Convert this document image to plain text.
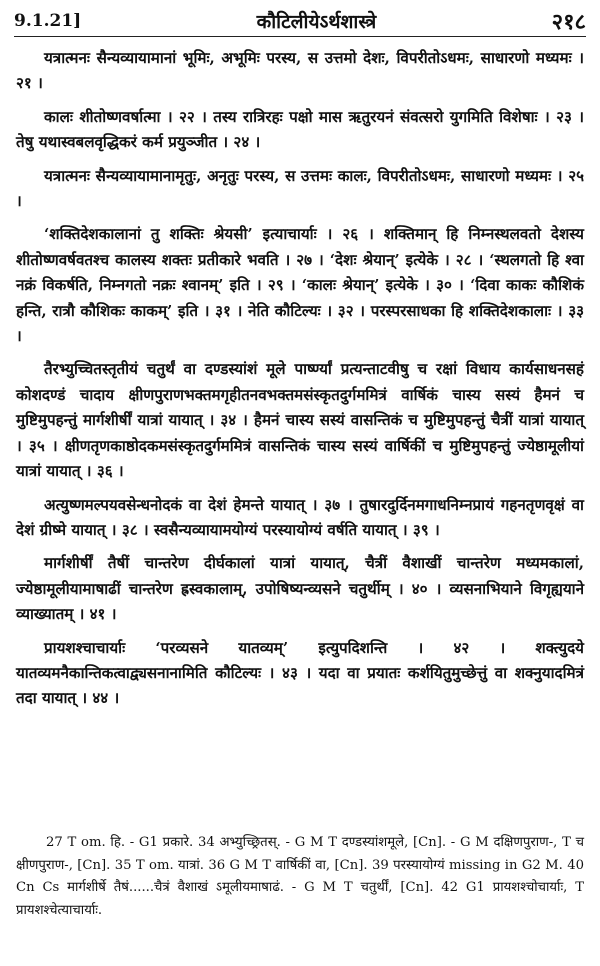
9.1.21]	कौटिलीयेऽर्थशास्त्रे	२१८

यत्रात्मनः सैन्यव्यायामानां भूमिः, अभूमिः परस्य, स उत्तमो देशः, विपरीतोऽधमः, साधारणो मध्यमः । २१ ।

कालः शीतोष्णवर्षात्मा । २२ । तस्य रात्रिरहः पक्षो मास ऋतुरयनं संवत्सरो युगमिति विशेषाः । २३ । तेषु यथास्वबलवृद्धिकरं कर्म प्रयुञ्जीत । २४ ।

यत्रात्मनः सैन्यव्यायामानामृतुः, अनृतुः परस्य, स उत्तमः कालः, विपरीतोऽधमः, साधारणो मध्यमः । २५ ।

‘शक्तिदेशकालानां तु शक्तिः श्रेयसी’ इत्याचार्याः । २६ । शक्तिमान् हि निम्नस्थलवतो देशस्य शीतोष्णवर्षवतश्च कालस्य शक्तः प्रतीकारे भवति । २७ । ‘देशः श्रेयान्’ इत्येके । २८ । ‘स्थलगतो हि श्वा नक्रं विकर्षति, निम्नगतो नक्रः श्वानम्’ इति । २९ । ‘कालः श्रेयान्’ इत्येके । ३० । ‘दिवा काकः कौशिकं हन्ति, रात्रौ कौशिकः काकम्’ इति । ३१ । नेति कौटिल्यः । ३२ । परस्परसाधका हि शक्तिदेशकालाः । ३३ ।

तैरभ्युच्चितस्तृतीयं चतुर्थं वा दण्डस्यांशं मूले पार्ष्ण्यां प्रत्यन्ताटवीषु च रक्षां विधाय कार्यसाधनसहं कोशदण्डं चादाय क्षीणपुराणभक्तमगृहीतनवभक्तमसंस्कृतदुर्गममित्रं वार्षिकं चास्य सस्यं हैमनं च मुष्टिमुपहन्तुं मार्गशीर्षीं यात्रां यायात् । ३४ । हैमनं चास्य सस्यं वासन्तिकं च मुष्टिमुपहन्तुं चैत्रीं यात्रां यायात् । ३५ । क्षीणतृणकाष्ठोदकमसंस्कृतदुर्गममित्रं वासन्तिकं चास्य सस्यं वार्षिकीं च मुष्टिमुपहन्तुं ज्येष्ठामूलीयां यात्रां यायात् । ३६ ।

अत्युष्णमल्पयवसेन्धनोदकं वा देशं हेमन्ते यायात् । ३७ । तुषारदुर्दिनमगाधनिम्नप्रायं गहनतृणवृक्षं वा देशं ग्रीष्मे यायात् । ३८ । स्वसैन्यव्यायामयोग्यं परस्यायोग्यं वर्षति यायात् । ३९ ।

मार्गशीर्षीं तैषीं चान्तरेण दीर्घकालां यात्रां यायात्, चैत्रीं वैशाखीं चान्तरेण मध्यमकालां, ज्येष्ठामूलीयामाषाढीं चान्तरेण ह्रस्वकालाम्, उपोषिष्यन्व्यसने चतुर्थीम् । ४० । व्यसनाभियाने विगृह्ययाने व्याख्यातम् । ४१ ।

प्रायशश्चाचार्याः ‘परव्यसने यातव्यम्’ इत्युपदिशन्ति । ४२ । शक्त्युदये यातव्यमनैकान्तिकत्वाद्व्यसनानामिति कौटिल्यः । ४३ । यदा वा प्रयातः कर्शयितुमुच्छेत्तुं वा शक्नुयादमित्रं तदा यायात् । ४४ ।

27 T om. हि. - G1 प्रकारे. 34 अभ्युच्छ्रितस्. - G M T दण्डस्यांशमूले, [Cn]. - G M दक्षिणपुराण-, T च क्षीणपुराण-, [Cn]. 35 T om. यात्रां. 36 G M T वार्षिकीं वा, [Cn]. 39 परस्यायोग्यं missing in G2 M. 40 Cn Cs मार्गशीर्षे तैषं......चैत्रं वैशाखं ऽमूलीयमाषाढं. - G M T चतुर्थीं, [Cn]. 42 G1 प्रायशश्चोचार्याः, T प्रायशश्चेत्याचार्याः.
